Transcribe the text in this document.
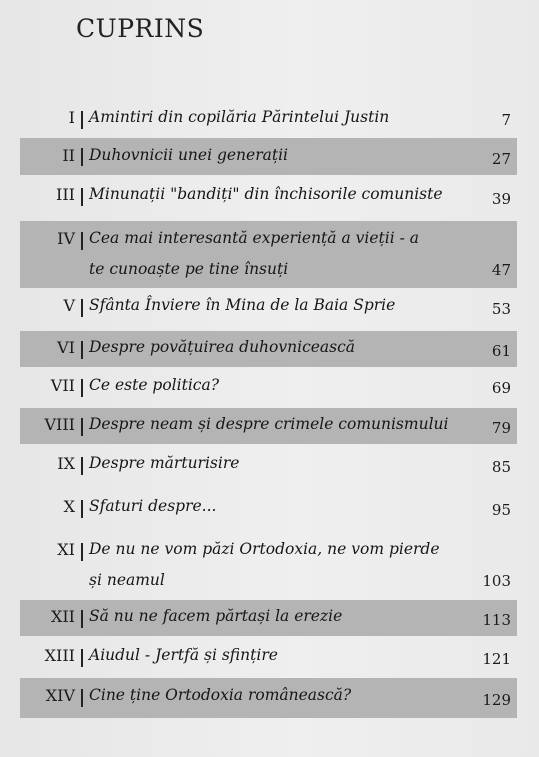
CUPRINS
I Amintiri din copilăria Părintelui Justin	7
II Duhovnicii unei generații	27
III Minunații "bandiți" din închisorile comuniste	39
IV Cea mai interesantă experiență a vieții - a te cunoaște pe tine însuți	47
V Sfânta Înviere în Mina de la Baia Sprie	53
VI Despre povățuirea duhovnicească	61
VII Ce este politica?	69
VIII Despre neam și despre crimele comunismului	79
IX Despre mărturisire	85
X Sfaturi despre...	95
XI De nu ne vom păzi Ortodoxia, ne vom pierde și neamul	103
XII Să nu ne facem părtași la erezie	113
XIII Aiudul - Jertfă și sfințire	121
XIV Cine ține Ortodoxia românească?	129
